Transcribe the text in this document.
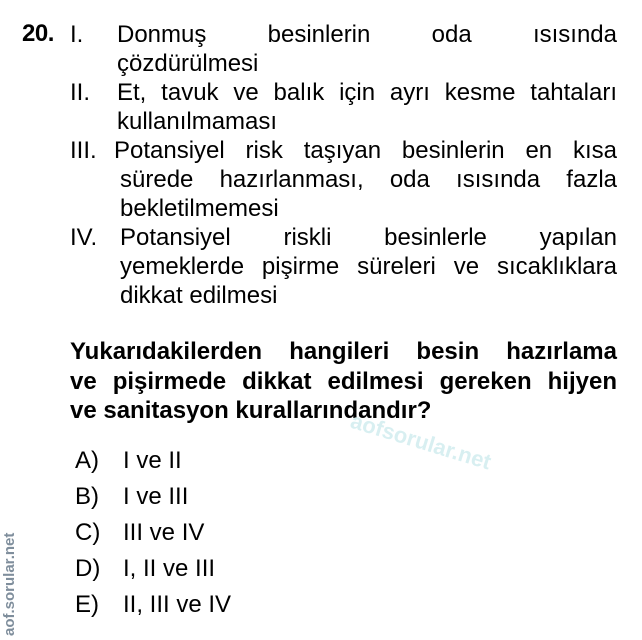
20. I. Donmuş besinlerin oda ısısında
çözdürülmesi
II. Et, tavuk ve balık için ayrı kesme tahtaları
kullanılmaması
III. Potansiyel risk taşıyan besinlerin en kısa
sürede hazırlanması, oda ısısında fazla
bekletilmemesi
IV. Potansiyel riskli besinlerle yapılan
yemeklerde pişirme süreleri ve sıcaklıklara
dikkat edilmesi
Yukarıdakilerden hangileri besin hazırlama
ve pişirmede dikkat edilmesi gereken hijyen
ve sanitasyon kurallarındandır?
A) I ve II
B) I ve III
C) III ve IV
D) I, II ve III
E) II, III ve IV
aofsorular.net
aof.sorular.net
